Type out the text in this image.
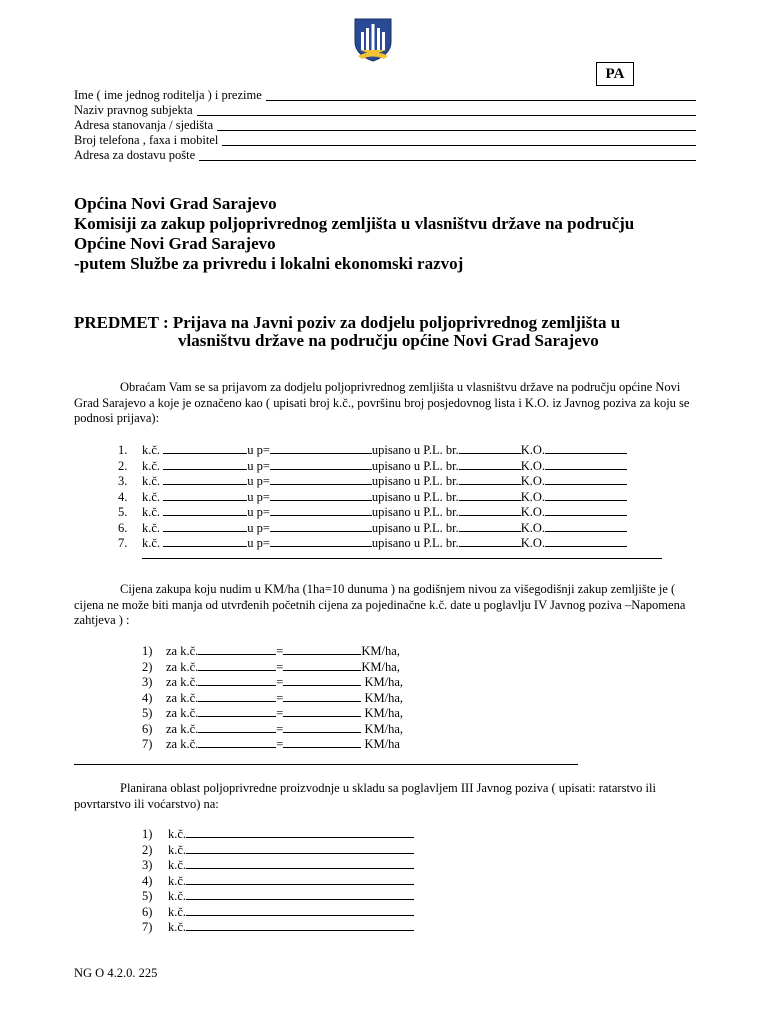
PA
Ime ( ime jednog roditelja ) i prezime
Naziv pravnog subjekta
Adresa stanovanja / sjedišta
Broj telefona , faxa i mobitel
Adresa za dostavu pošte
Općina Novi Grad Sarajevo
Komisiji za zakup poljoprivrednog zemljišta u vlasništvu države na području
Općine Novi Grad Sarajevo
-putem Službe za privredu i lokalni ekonomski razvoj
PREDMET : Prijava na Javni poziv za dodjelu poljoprivrednog zemljišta u
vlasništvu države na području općine Novi Grad Sarajevo
Obraćam Vam se sa prijavom za dodjelu poljoprivrednog zemljišta u vlasništvu države na području općine Novi Grad Sarajevo a koje je označeno kao ( upisati broj k.č., površinu broj posjedovnog lista i K.O. iz Javnog poziva za koju se podnosi prijava):
1. k.č.	u p=	upisano u P.L. br.	K.O.
2. k.č.	u p=	upisano u P.L. br.	K.O.
3. k.č.	u p=	upisano u P.L. br.	K.O.
4. k.č.	u p=	upisano u P.L. br.	K.O.
5. k.č.	u p=	upisano u P.L. br.	K.O.
6. k.č.	u p=	upisano u P.L. br.	K.O.
7. k.č.	u p=	upisano u P.L. br.	K.O.
Cijena zakupa koju nudim u KM/ha (1ha=10 dunuma ) na godišnjem nivou za višegodišnji zakup zemljište je ( cijena ne može biti manja od utvrđenih početnih cijena za pojedinačne k.č. date u poglavlju IV Javnog poziva –Napomena zahtjeva ) :
1) za k.č.	=	KM/ha,
2) za k.č.	=	KM/ha,
3) za k.č.	=	KM/ha,
4) za k.č.	=	KM/ha,
5) za k.č.	=	KM/ha,
6) za k.č.	=	KM/ha,
7) za k.č.	=	KM/ha
Planirana oblast poljoprivredne proizvodnje u skladu sa poglavljem III Javnog poziva ( upisati: ratarstvo ili povrtarstvo ili voćarstvo) na:
1) k.č.
2) k.č.
3) k.č.
4) k.č.
5) k.č.
6) k.č.
7) k.č.
NG O 4.2.0. 225
